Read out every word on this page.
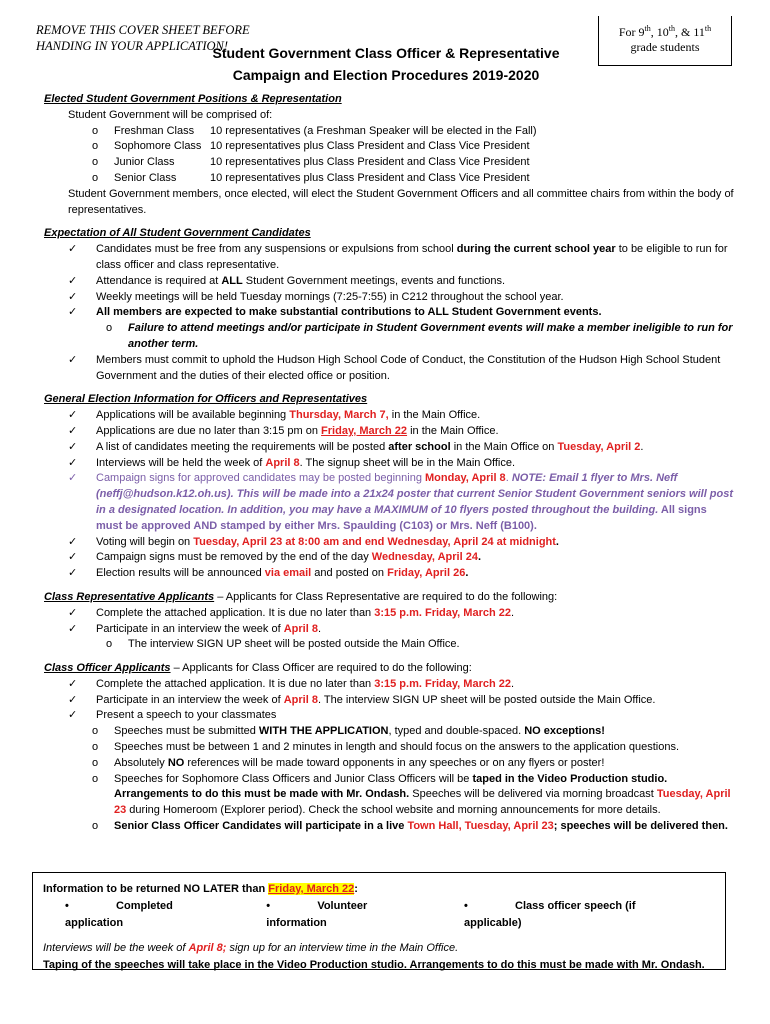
REMOVE THIS COVER SHEET BEFORE HANDING IN YOUR APPLICATION!
Student Government Class Officer & Representative
Campaign and Election Procedures 2019-2020
For 9th, 10th, & 11th
grade students
Elected Student Government Positions & Representation
Student Government will be comprised of:
o	Freshman Class	10 representatives (a Freshman Speaker will be elected in the Fall)
o	Sophomore Class 10 representatives plus Class President and Class Vice President
o	Junior Class	10 representatives plus Class President and Class Vice President
o	Senior Class	10 representatives plus Class President and Class Vice President
Student Government members, once elected, will elect the Student Government Officers and all committee chairs from within the body of representatives.
Expectation of All Student Government Candidates
✓	Candidates must be free from any suspensions or expulsions from school during the current school year to be eligible to run for class officer and class representative.
✓	Attendance is required at ALL Student Government meetings, events and functions.
✓	Weekly meetings will be held Tuesday mornings (7:25-7:55) in C212 throughout the school year.
✓	All members are expected to make substantial contributions to ALL Student Government events.
o	Failure to attend meetings and/or participate in Student Government events will make a member ineligible to run for another term.
✓	Members must commit to uphold the Hudson High School Code of Conduct, the Constitution of the Hudson High School Student Government and the duties of their elected office or position.
General Election Information for Officers and Representatives
✓	Applications will be available beginning Thursday, March 7, in the Main Office.
✓	Applications are due no later than 3:15 pm on Friday, March 22 in the Main Office.
✓	A list of candidates meeting the requirements will be posted after school in the Main Office on Tuesday, April 2.
✓	Interviews will be held the week of April 8. The signup sheet will be in the Main Office.
✓	Campaign signs for approved candidates may be posted beginning Monday, April 8. NOTE: Email 1 flyer to Mrs. Neff (neffj@hudson.k12.oh.us). This will be made into a 21x24 poster that current Senior Student Government seniors will post in a designated location. In addition, you may have a MAXIMUM of 10 flyers posted throughout the building. All signs must be approved AND stamped by either Mrs. Spaulding (C103) or Mrs. Neff (B100).
✓	Voting will begin on Tuesday, April 23 at 8:00 am and end Wednesday, April 24 at midnight.
✓	Campaign signs must be removed by the end of the day Wednesday, April 24.
✓	Election results will be announced via email and posted on Friday, April 26.
Class Representative Applicants – Applicants for Class Representative are required to do the following:
✓	Complete the attached application. It is due no later than 3:15 p.m. Friday, March 22.
✓	Participate in an interview the week of April 8.
o	The interview SIGN UP sheet will be posted outside the Main Office.
Class Officer Applicants – Applicants for Class Officer are required to do the following:
✓	Complete the attached application. It is due no later than 3:15 p.m. Friday, March 22.
✓	Participate in an interview the week of April 8. The interview SIGN UP sheet will be posted outside the Main Office.
✓	Present a speech to your classmates
o	Speeches must be submitted WITH THE APPLICATION, typed and double-spaced. NO exceptions!
o	Speeches must be between 1 and 2 minutes in length and should focus on the answers to the application questions.
o	Absolutely NO references will be made toward opponents in any speeches or on any flyers or poster!
o	Speeches for Sophomore Class Officers and Junior Class Officers will be taped in the Video Production studio. Arrangements to do this must be made with Mr. Ondash. Speeches will be delivered via morning broadcast Tuesday, April 23 during Homeroom (Explorer period). Check the school website and morning announcements for more details.
o	Senior Class Officer Candidates will participate in a live Town Hall, Tuesday, April 23; speeches will be delivered then.
Information to be returned NO LATER than Friday, March 22:
•	Completed application
•	Volunteer information
•	Class officer speech (if applicable)
Interviews will be the week of April 8; sign up for an interview time in the Main Office.
Taping of the speeches will take place in the Video Production studio. Arrangements to do this must be made with Mr. Ondash.
